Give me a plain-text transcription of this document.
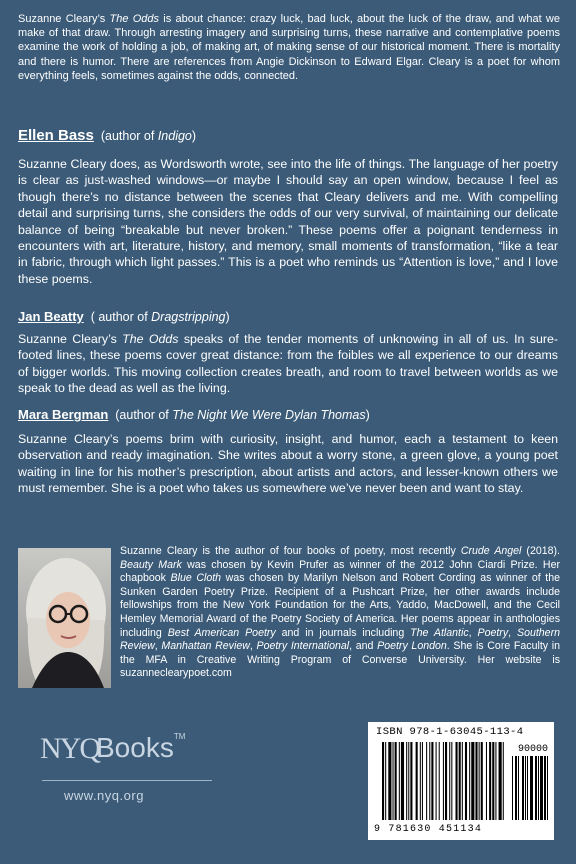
Suzanne Cleary’s The Odds is about chance: crazy luck, bad luck, about the luck of the draw, and what we make of that draw. Through arresting imagery and surprising turns, these narrative and contemplative poems examine the work of holding a job, of making art, of making sense of our historical moment. There is mortality and there is humor. There are references from Angie Dickinson to Edward Elgar. Cleary is a poet for whom everything feels, sometimes against the odds, connected.
Ellen Bass (author of Indigo)
Suzanne Cleary does, as Wordsworth wrote, see into the life of things. The language of her poetry is clear as just-washed windows—or maybe I should say an open window, because I feel as though there’s no distance between the scenes that Cleary delivers and me. With compelling detail and surprising turns, she considers the odds of our very survival, of maintaining our delicate balance of being “breakable but never broken.” These poems offer a poignant tenderness in encounters with art, literature, history, and memory, small moments of transformation, “like a tear in fabric, through which light passes.” This is a poet who reminds us “Attention is love,” and I love these poems.
Jan Beatty ( author of Dragstripping)
Suzanne Cleary’s The Odds speaks of the tender moments of unknowing in all of us. In sure-footed lines, these poems cover great distance: from the foibles we all experience to our dreams of bigger worlds. This moving collection creates breath, and room to travel between worlds as we speak to the dead as well as the living.
Mara Bergman (author of The Night We Were Dylan Thomas)
Suzanne Cleary’s poems brim with curiosity, insight, and humor, each a testament to keen observation and ready imagination. She writes about a worry stone, a green glove, a young poet waiting in line for his mother’s prescription, about artists and actors, and lesser-known others we must remember. She is a poet who takes us somewhere we’ve never been and want to stay.
Suzanne Cleary is the author of four books of poetry, most recently Crude Angel (2018). Beauty Mark was chosen by Kevin Prufer as winner of the 2012 John Ciardi Prize. Her chapbook Blue Cloth was chosen by Marilyn Nelson and Robert Cording as winner of the Sunken Garden Poetry Prize. Recipient of a Pushcart Prize, her other awards include fellowships from the New York Foundation for the Arts, Yaddo, MacDowell, and the Cecil Hemley Memorial Award of the Poetry Society of America. Her poems appear in anthologies including Best American Poetry and in journals including The Atlantic, Poetry, Southern Review, Manhattan Review, Poetry International, and Poetry London. She is Core Faculty in the MFA in Creative Writing Program of Converse University. Her website is suzanneclearypoet.com
NYQ
Books™
www.nyq.org
ISBN 978-1-63045-113-4
90000
9 781630 451134
